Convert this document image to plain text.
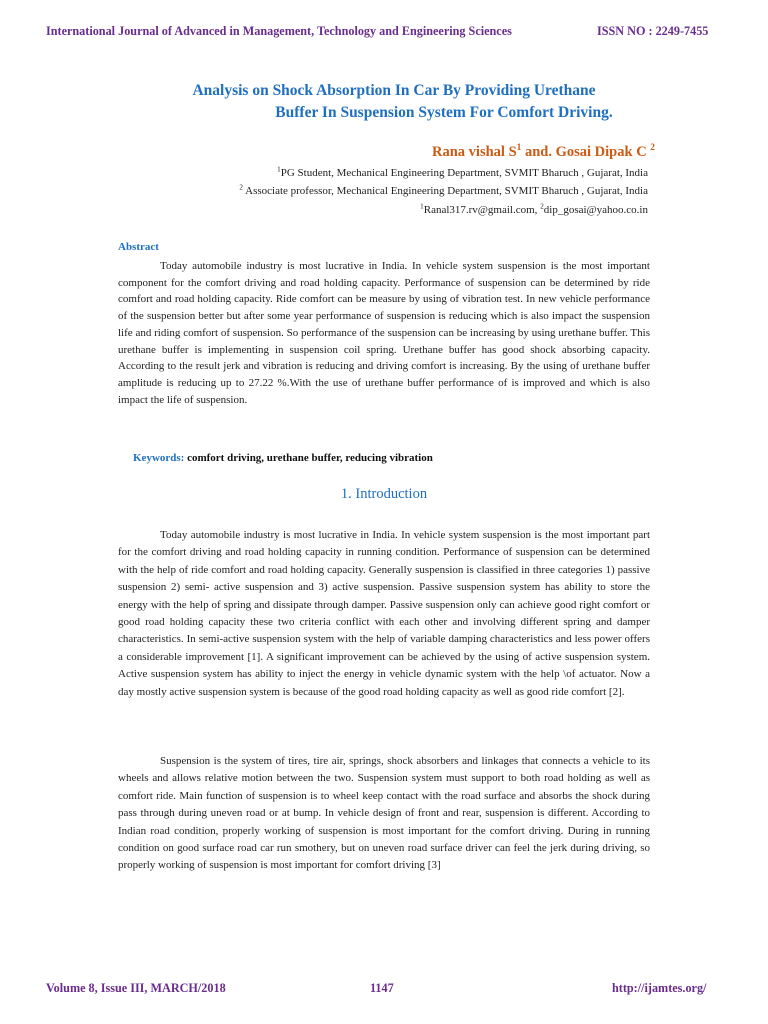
International Journal of Advanced in Management, Technology and Engineering Sciences	ISSN NO : 2249-7455
Analysis on Shock Absorption In Car By Providing Urethane
Buffer In Suspension System For Comfort Driving.
Rana vishal $S^1$ and. Gosai Dipak C $^2$
$^1$PG Student, Mechanical Engineering Department, SVMIT Bharuch , Gujarat, India
$^2$ Associate professor, Mechanical Engineering Department, SVMIT Bharuch , Gujarat, India
$^1$Ranal317.rv@gmail.com, $^2$dip_gosai@yahoo.co.in
Abstract
Today automobile industry is most lucrative in India. In vehicle system suspension is the most important component for the comfort driving and road holding capacity. Performance of suspension can be determined by ride comfort and road holding capacity. Ride comfort can be measure by using of vibration test. In new vehicle performance of the suspension better but after some year performance of suspension is reducing which is also impact the suspension life and riding comfort of suspension. So performance of the suspension can be increasing by using urethane buffer. This urethane buffer is implementing in suspension coil spring. Urethane buffer has good shock absorbing capacity. According to the result jerk and vibration is reducing and driving comfort is increasing. By the using of urethane buffer amplitude is reducing up to 27.22 %.With the use of urethane buffer performance of is improved and which is also impact the life of suspension.
Keywords: comfort driving, urethane buffer, reducing vibration
1. Introduction
Today automobile industry is most lucrative in India. In vehicle system suspension is the most important part for the comfort driving and road holding capacity in running condition. Performance of suspension can be determined with the help of ride comfort and road holding capacity. Generally suspension is classified in three categories 1) passive suspension 2) semi- active suspension and 3) active suspension. Passive suspension system has ability to store the energy with the help of spring and dissipate through damper. Passive suspension only can achieve good right comfort or good road holding capacity these two criteria conflict with each other and involving different spring and damper characteristics. In semi-active suspension system with the help of variable damping characteristics and less power offers a considerable improvement [1]. A significant improvement can be achieved by the using of active suspension system. Active suspension system has ability to inject the energy in vehicle dynamic system with the help \of actuator. Now a day mostly active suspension system is because of the good road holding capacity as well as good ride comfort [2].
Suspension is the system of tires, tire air, springs, shock absorbers and linkages that connects a vehicle to its wheels and allows relative motion between the two. Suspension system must support to both road holding as well as comfort ride. Main function of suspension is to wheel keep contact with the road surface and absorbs the shock during pass through during uneven road or at bump. In vehicle design of front and rear, suspension is different. According to Indian road condition, properly working of suspension is most important for the comfort driving. During in running condition on good surface road car run smothery, but on uneven road surface driver can feel the jerk during driving, so properly working of suspension is most important for comfort driving [3]
Volume 8, Issue III, MARCH/2018	1147	http://ijamtes.org/
